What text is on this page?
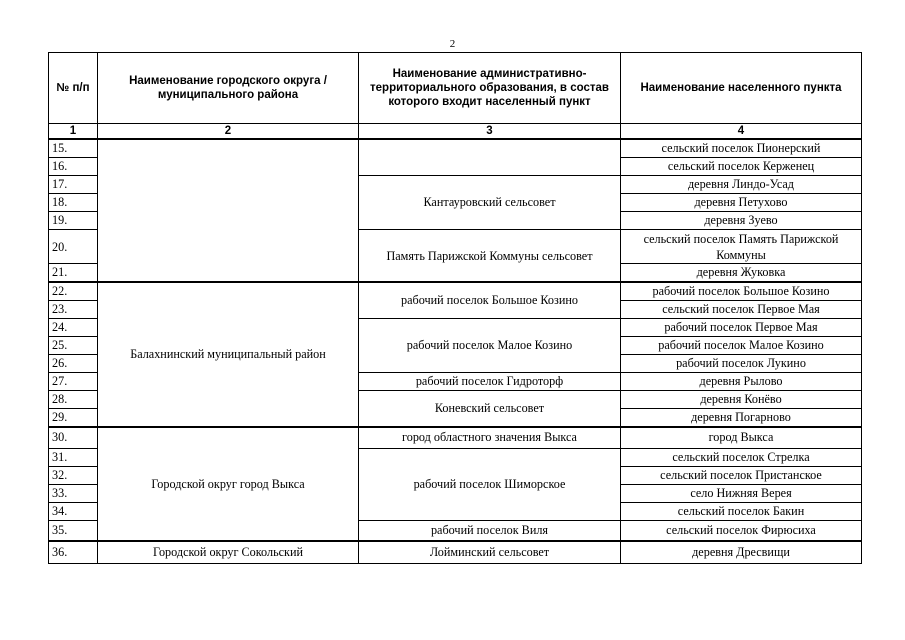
2
№ п/п	Наименование городского округа / муниципального района	Наименование административно-территориального образования, в состав которого входит населенный пункт	Наименование населенного пункта
1	2	3	4
15.			сельский поселок Пионерский
16.			сельский поселок Керженец
17.		Кантауровский сельсовет	деревня Линдо-Усад
18.			деревня Петухово
19.			деревня Зуево
20.		Память Парижской Коммуны сельсовет	сельский поселок Память Парижской Коммуны
21.			деревня Жуковка
22.	Балахнинский муниципальный район	рабочий поселок Большое Козино	рабочий поселок Большое Козино
23.			сельский поселок Первое Мая
24.		рабочий поселок Малое Козино	рабочий поселок Первое Мая
25.			рабочий поселок Малое Козино
26.			рабочий поселок Лукино
27.		рабочий поселок Гидроторф	деревня Рылово
28.		Коневский сельсовет	деревня Конёво
29.			деревня Погарново
30.	Городской округ город Выкса	город областного значения Выкса	город Выкса
31.		рабочий поселок Шиморское	сельский поселок Стрелка
32.			сельский поселок Пристанское
33.			село Нижняя Верея
34.			сельский поселок Бакин
35.		рабочий поселок Виля	сельский поселок Фирюсиха
36.	Городской округ Сокольский	Лойминский сельсовет	деревня Дресвищи
